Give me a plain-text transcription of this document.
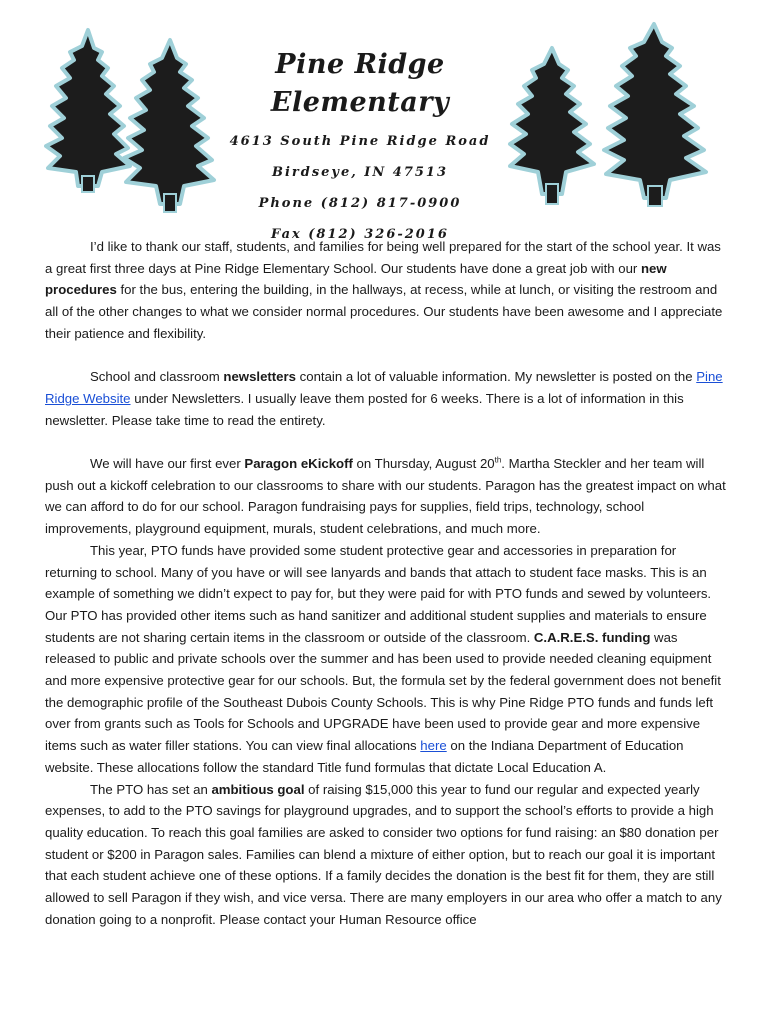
Pine Ridge Elementary

4613 South Pine Ridge Road

Birdseye, IN 47513

Phone (812) 817-0900

Fax (812) 326-2016

I’d like to thank our staff, students, and families for being well prepared for the start of the school year. It was a great first three days at Pine Ridge Elementary School. Our students have done a great job with our new procedures for the bus, entering the building, in the hallways, at recess, while at lunch, or visiting the restroom and all of the other changes to what we consider normal procedures. Our students have been awesome and I appreciate their patience and flexibility.

School and classroom newsletters contain a lot of valuable information. My newsletter is posted on the Pine Ridge Website under Newsletters. I usually leave them posted for 6 weeks. There is a lot of information in this newsletter. Please take time to read the entirety.

We will have our first ever Paragon eKickoff on Thursday, August 20th. Martha Steckler and her team will push out a kickoff celebration to our classrooms to share with our students. Paragon has the greatest impact on what we can afford to do for our school. Paragon fundraising pays for supplies, field trips, technology, school improvements, playground equipment, murals, student celebrations, and much more.

This year, PTO funds have provided some student protective gear and accessories in preparation for returning to school. Many of you have or will see lanyards and bands that attach to student face masks. This is an example of something we didn’t expect to pay for, but they were paid for with PTO funds and sewed by volunteers. Our PTO has provided other items such as hand sanitizer and additional student supplies and materials to ensure students are not sharing certain items in the classroom or outside of the classroom. C.A.R.E.S. funding was released to public and private schools over the summer and has been used to provide needed cleaning equipment and more expensive protective gear for our schools. But, the formula set by the federal government does not benefit the demographic profile of the Southeast Dubois County Schools. This is why Pine Ridge PTO funds and funds left over from grants such as Tools for Schools and UPGRADE have been used to provide gear and more expensive items such as water filler stations. You can view final allocations here on the Indiana Department of Education website. These allocations follow the standard Title fund formulas that dictate Local Education A.

The PTO has set an ambitious goal of raising $15,000 this year to fund our regular and expected yearly expenses, to add to the PTO savings for playground upgrades, and to support the school’s efforts to provide a high quality education. To reach this goal families are asked to consider two options for fund raising: an $80 donation per student or $200 in Paragon sales. Families can blend a mixture of either option, but to reach our goal it is important that each student achieve one of these options. If a family decides the donation is the best fit for them, they are still allowed to sell Paragon if they wish, and vice versa. There are many employers in our area who offer a match to any donation going to a nonprofit. Please contact your Human Resource office
